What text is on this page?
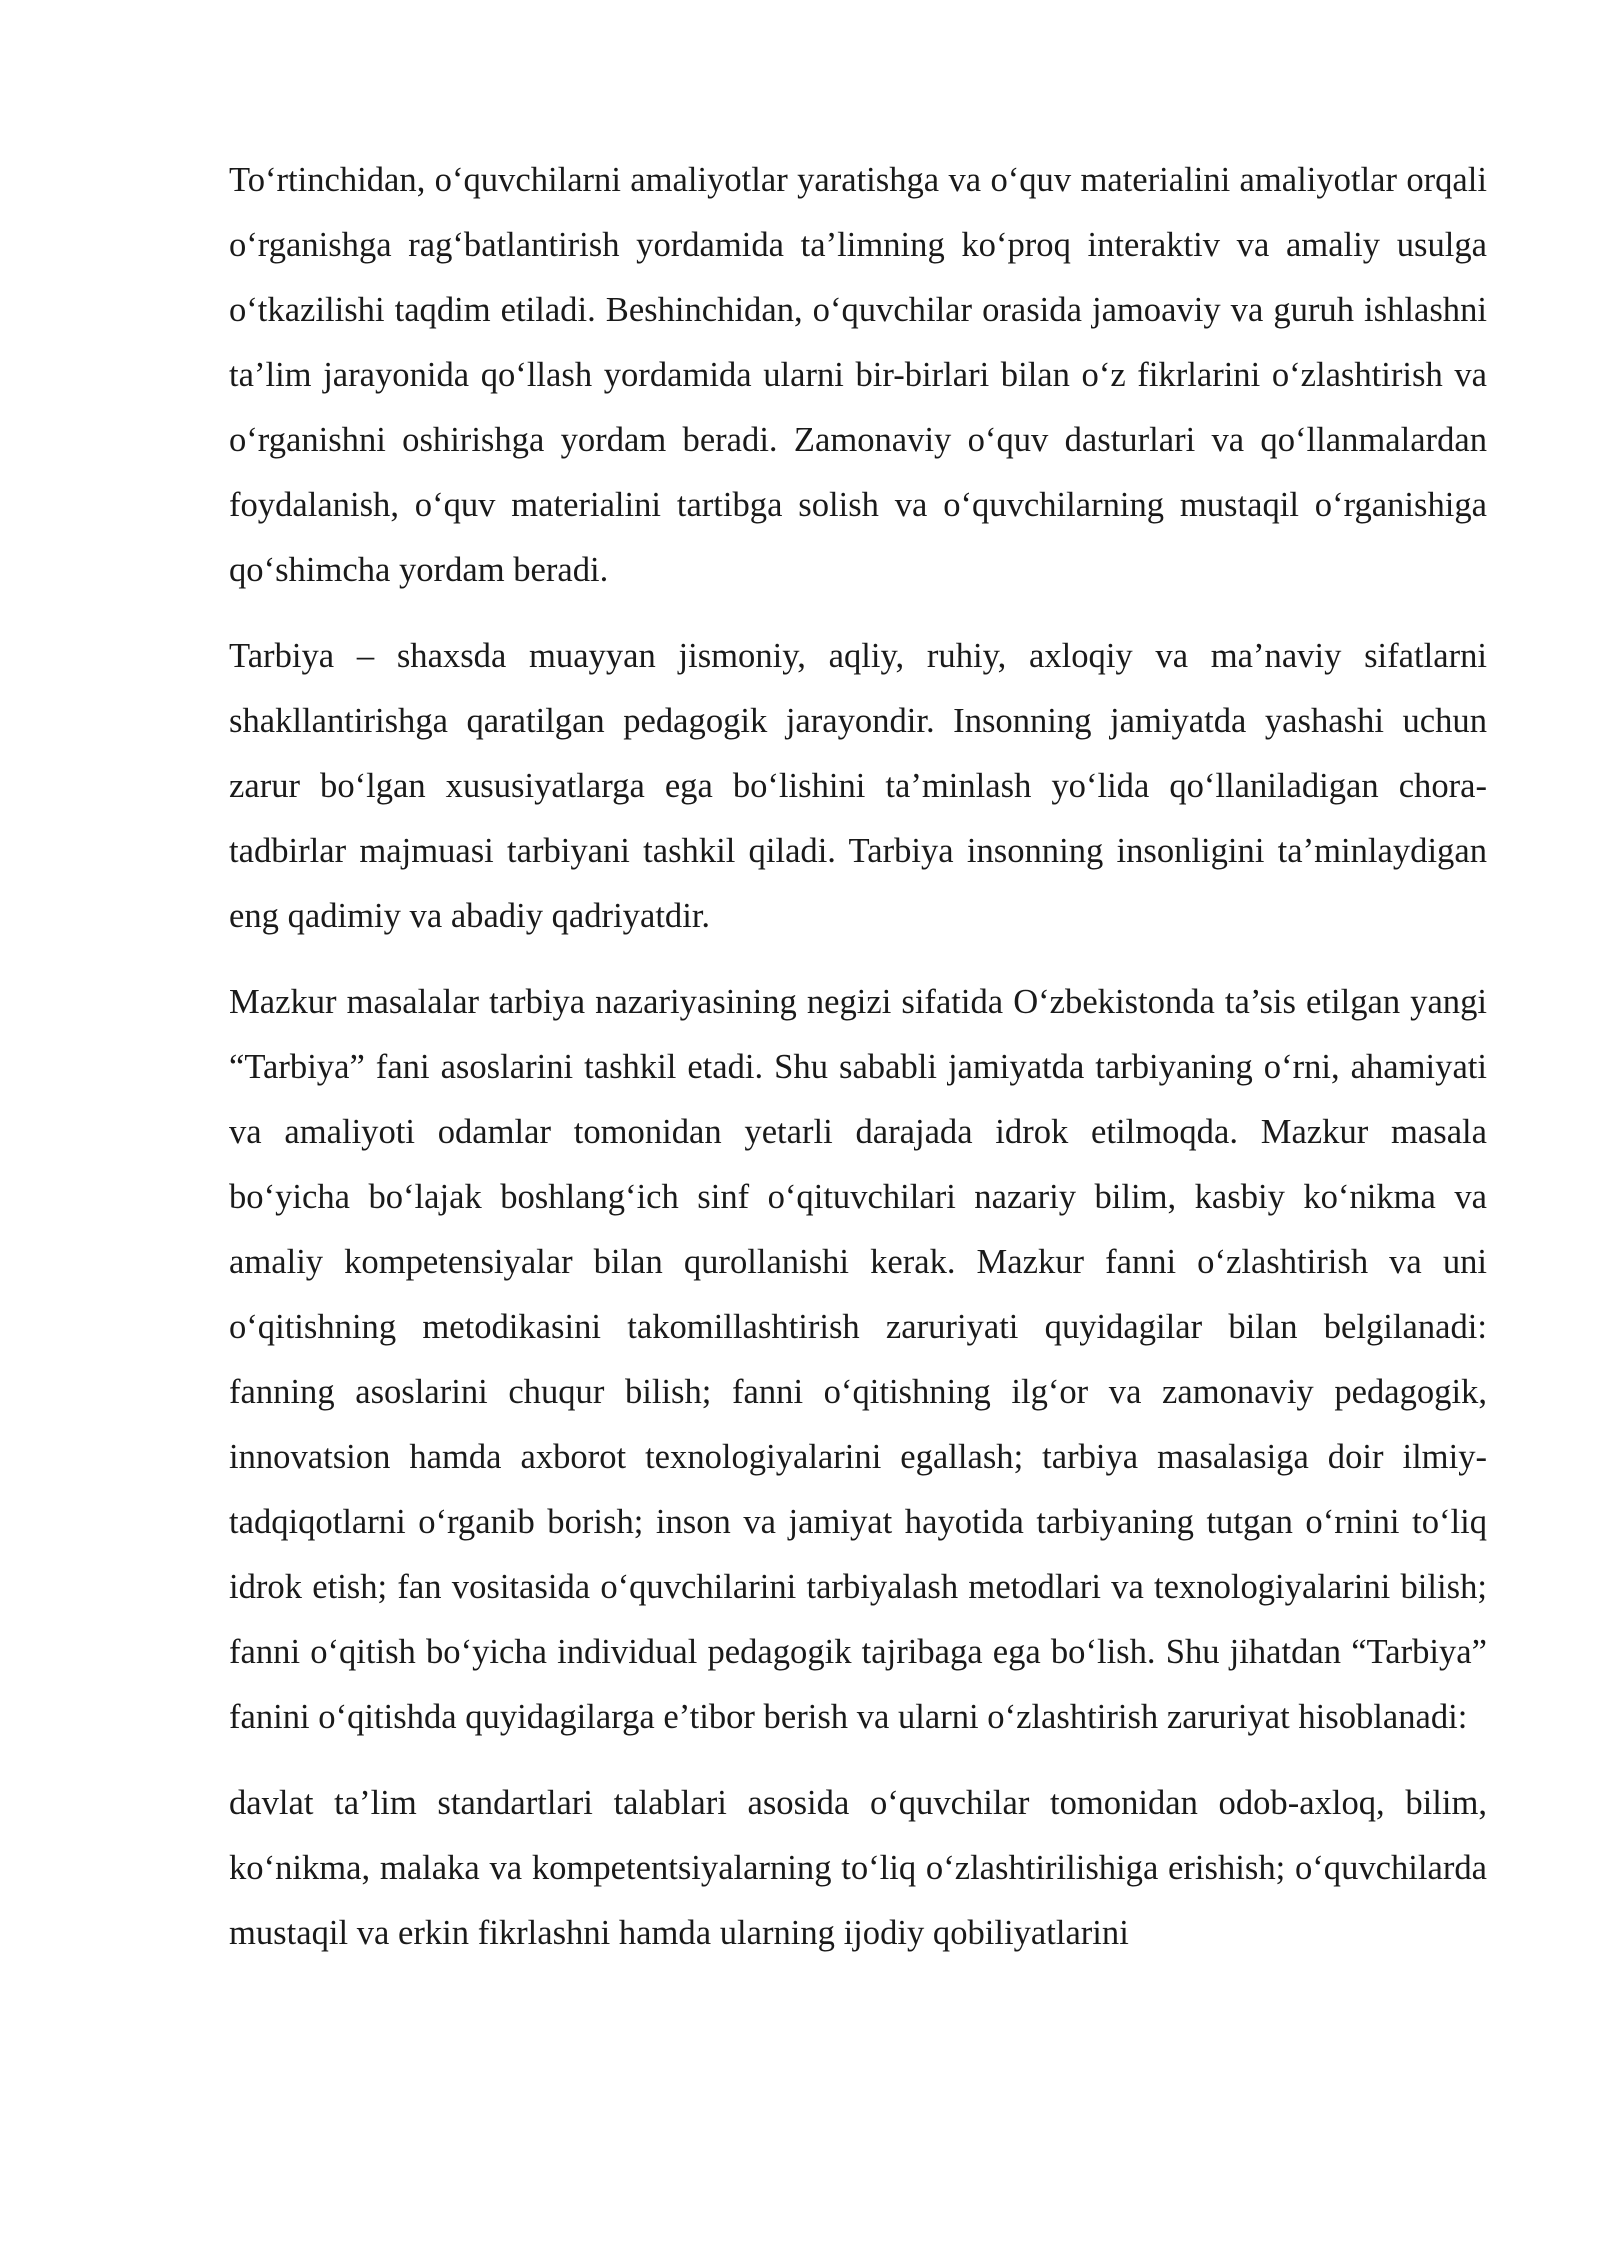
To‘rtinchidan, o‘quvchilarni amaliyotlar yaratishga va o‘quv materialini amaliyotlar orqali o‘rganishga rag‘batlantirish yordamida ta’limning ko‘proq interaktiv va amaliy usulga o‘tkazilishi taqdim etiladi. Beshinchidan, o‘quvchilar orasida jamoaviy va guruh ishlashni ta’lim jarayonida qo‘llash yordamida ularni bir-birlari bilan o‘z fikrlarini o‘zlashtirish va o‘rganishni oshirishga yordam beradi. Zamonaviy o‘quv dasturlari va qo‘llanmalardan foydalanish, o‘quv materialini tartibga solish va o‘quvchilarning mustaqil o‘rganishiga qo‘shimcha yordam beradi.

Tarbiya – shaxsda muayyan jismoniy, aqliy, ruhiy, axloqiy va ma’naviy sifatlarni shakllantirishga qaratilgan pedagogik jarayondir. Insonning jamiyatda yashashi uchun zarur bo‘lgan xususiyatlarga ega bo‘lishini ta’minlash yo‘lida qo‘llaniladigan chora-tadbirlar majmuasi tarbiyani tashkil qiladi. Tarbiya insonning insonligini ta’minlaydigan eng qadimiy va abadiy qadriyatdir.

Mazkur masalalar tarbiya nazariyasining negizi sifatida O‘zbekistonda ta’sis etilgan yangi “Tarbiya” fani asoslarini tashkil etadi. Shu sababli jamiyatda tarbiyaning o‘rni, ahamiyati va amaliyoti odamlar tomonidan yetarli darajada idrok etilmoqda. Mazkur masala bo‘yicha bo‘lajak boshlang‘ich sinf o‘qituvchilari nazariy bilim, kasbiy ko‘nikma va amaliy kompetensiyalar bilan qurollanishi kerak. Mazkur fanni o‘zlashtirish va uni o‘qitishning metodikasini takomillashtirish zaruriyati quyidagilar bilan belgilanadi: fanning asoslarini chuqur bilish; fanni o‘qitishning ilg‘or va zamonaviy pedagogik, innovatsion hamda axborot texnologiyalarini egallash; tarbiya masalasiga doir ilmiy-tadqiqotlarni o‘rganib borish; inson va jamiyat hayotida tarbiyaning tutgan o‘rnini to‘liq idrok etish; fan vositasida o‘quvchilarini tarbiyalash metodlari va texnologiyalarini bilish; fanni o‘qitish bo‘yicha individual pedagogik tajribaga ega bo‘lish. Shu jihatdan “Tarbiya” fanini o‘qitishda quyidagilarga e’tibor berish va ularni o‘zlashtirish zaruriyat hisoblanadi:

davlat ta’lim standartlari talablari asosida o‘quvchilar tomonidan odob-axloq, bilim, ko‘nikma, malaka va kompetentsiyalarning to‘liq o‘zlashtirilishiga erishish; o‘quvchilarda mustaqil va erkin fikrlashni hamda ularning ijodiy qobiliyatlarini
